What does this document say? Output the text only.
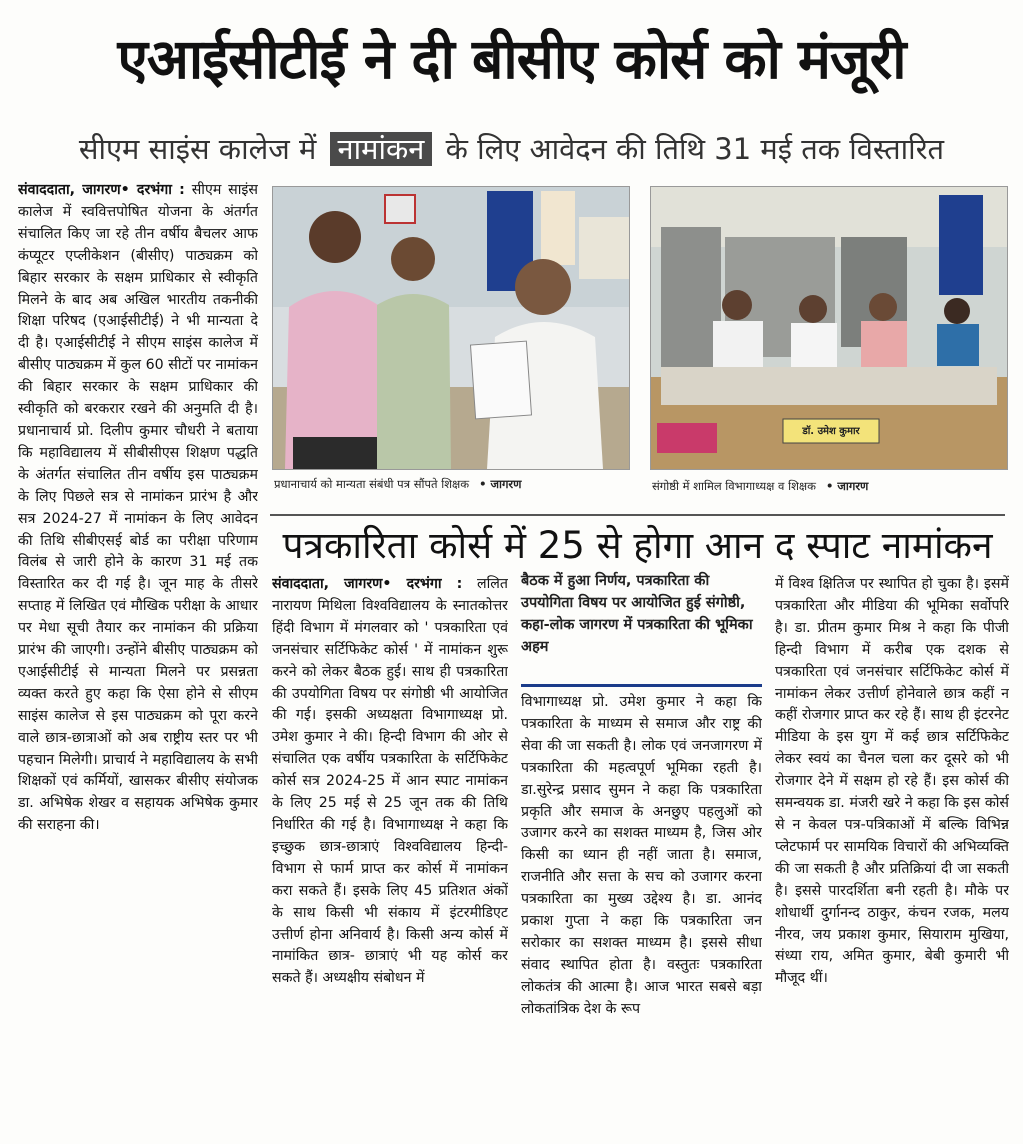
एआईसीटीई ने दी बीसीए कोर्स को मंजूरी
सीएम साइंस कालेज में नामांकन के लिए आवेदन की तिथि 31 मई तक विस्तारित
संवाददाता, जागरण• दरभंगा : सीएम साइंस कालेज में स्ववित्तपोषित योजना के अंतर्गत संचालित किए जा रहे तीन वर्षीय बैचलर आफ कंप्यूटर एप्लीकेशन (बीसीए) पाठ्यक्रम को बिहार सरकार के सक्षम प्राधिकार से स्वीकृति मिलने के बाद अब अखिल भारतीय तकनीकी शिक्षा परिषद (एआईसीटीई) ने भी मान्यता दे दी है। एआईसीटीई ने सीएम साइंस कालेज में बीसीए पाठ्यक्रम में कुल 60 सीटों पर नामांकन की बिहार सरकार के सक्षम प्राधिकार की स्वीकृति को बरकरार रखने की अनुमति दी है। प्रधानाचार्य प्रो. दिलीप कुमार चौधरी ने बताया कि महाविद्यालय में सीबीसीएस शिक्षण पद्धति के अंतर्गत संचालित तीन वर्षीय इस पाठ्यक्रम के लिए पिछले सत्र से नामांकन प्रारंभ है और सत्र 2024-27 में नामांकन के लिए आवेदन की तिथि सीबीएसई बोर्ड का परीक्षा परिणाम विलंब से जारी होने के कारण 31 मई तक विस्तारित कर दी गई है। जून माह के तीसरे सप्ताह में लिखित एवं मौखिक परीक्षा के आधार पर मेधा सूची तैयार कर नामांकन की प्रक्रिया प्रारंभ की जाएगी। उन्होंने बीसीए पाठ्यक्रम को एआईसीटीई से मान्यता मिलने पर प्रसन्नता व्यक्त करते हुए कहा कि ऐसा होने से सीएम साइंस कालेज से इस पाठ्यक्रम को पूरा करने वाले छात्र-छात्राओं को अब राष्ट्रीय स्तर पर भी पहचान मिलेगी। प्राचार्य ने महाविद्यालय के सभी शिक्षकों एवं कर्मियों, खासकर बीसीए संयोजक डा. अभिषेक शेखर व सहायक अभिषेक कुमार की सराहना की।
प्रधानाचार्य को मान्यता संबंधी पत्र सौंपते शिक्षक • जागरण
डॉ. उमेश कुमार
संगोष्ठी में शामिल विभागाध्यक्ष व शिक्षक • जागरण
पत्रकारिता कोर्स में 25 से होगा आन द स्पाट नामांकन
संवाददाता, जागरण• दरभंगा : ललित नारायण मिथिला विश्वविद्यालय के स्नातकोत्तर हिंदी विभाग में मंगलवार को ' पत्रकारिता एवं जनसंचार सर्टिफिकेट कोर्स ' में नामांकन शुरू करने को लेकर बैठक हुई। साथ ही पत्रकारिता की उपयोगिता विषय पर संगोष्ठी भी आयोजित की गई। इसकी अध्यक्षता विभागाध्यक्ष प्रो. उमेश कुमार ने की। हिन्दी विभाग की ओर से संचालित एक वर्षीय पत्रकारिता के सर्टिफिकेट कोर्स सत्र 2024-25 में आन स्पाट नामांकन के लिए 25 मई से 25 जून तक की तिथि निर्धारित की गई है। विभागाध्यक्ष ने कहा कि इच्छुक छात्र-छात्राएं विश्वविद्यालय हिन्दी-विभाग से फार्म प्राप्त कर कोर्स में नामांकन करा सकते हैं। इसके लिए 45 प्रतिशत अंकों के साथ किसी भी संकाय में इंटरमीडिएट उत्तीर्ण होना अनिवार्य है। किसी अन्य कोर्स में नामांकित छात्र- छात्राएं भी यह कोर्स कर सकते हैं। अध्यक्षीय संबोधन में
बैठक में हुआ निर्णय, पत्रकारिता की उपयोगिता विषय पर आयोजित हुई संगोष्ठी, कहा-लोक जागरण में पत्रकारिता की भूमिका अहम
विभागाध्यक्ष प्रो. उमेश कुमार ने कहा कि पत्रकारिता के माध्यम से समाज और राष्ट्र की सेवा की जा सकती है। लोक एवं जनजागरण में पत्रकारिता की महत्वपूर्ण भूमिका रहती है। डा.सुरेन्द्र प्रसाद सुमन ने कहा कि पत्रकारिता प्रकृति और समाज के अनछुए पहलुओं को उजागर करने का सशक्त माध्यम है, जिस ओर किसी का ध्यान ही नहीं जाता है। समाज, राजनीति और सत्ता के सच को उजागर करना पत्रकारिता का मुख्य उद्देश्य है। डा. आनंद प्रकाश गुप्ता ने कहा कि पत्रकारिता जन सरोकार का सशक्त माध्यम है। इससे सीधा संवाद स्थापित होता है। वस्तुतः पत्रकारिता लोकतंत्र की आत्मा है। आज भारत सबसे बड़ा लोकतांत्रिक देश के रूप
में विश्व क्षितिज पर स्थापित हो चुका है। इसमें पत्रकारिता और मीडिया की भूमिका सर्वोपरि है। डा. प्रीतम कुमार मिश्र ने कहा कि पीजी हिन्दी विभाग में करीब एक दशक से पत्रकारिता एवं जनसंचार सर्टिफिकेट कोर्स में नामांकन लेकर उत्तीर्ण होनेवाले छात्र कहीं न कहीं रोजगार प्राप्त कर रहे हैं। साथ ही इंटरनेट मीडिया के इस युग में कई छात्र सर्टिफिकेट लेकर स्वयं का चैनल चला कर दूसरे को भी रोजगार देने में सक्षम हो रहे हैं। इस कोर्स की समन्वयक डा. मंजरी खरे ने कहा कि इस कोर्स से न केवल पत्र-पत्रिकाओं में बल्कि विभिन्न प्लेटफार्म पर सामयिक विचारों की अभिव्यक्ति की जा सकती है और प्रतिक्रियां दी जा सकती है। इससे पारदर्शिता बनी रहती है। मौके पर शोधार्थी दुर्गानन्द ठाकुर, कंचन रजक, मलय नीरव, जय प्रकाश कुमार, सियाराम मुखिया, संध्या राय, अमित कुमार, बेबी कुमारी भी मौजूद थीं।
